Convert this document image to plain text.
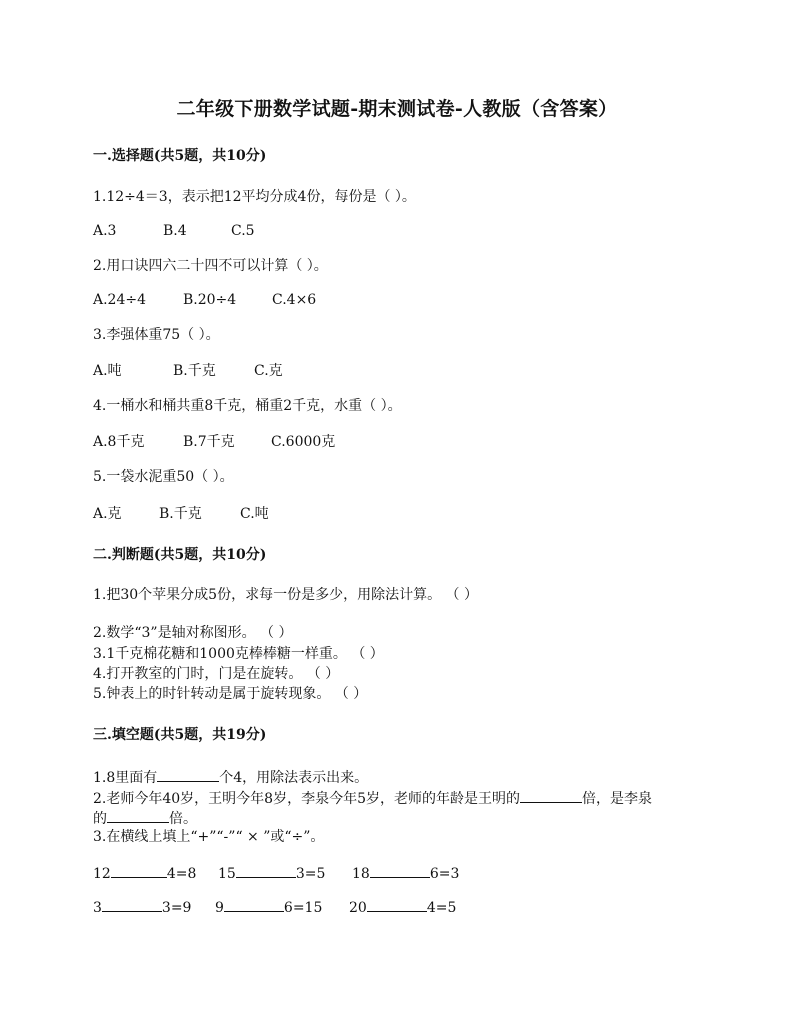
二年级下册数学试题-期末测试卷-人教版（含答案）
一.选择题(共5题，共10分)
1.12÷4＝3，表示把12平均分成4份，每份是（ ）。
A.3	B.4	C.5
2.用口诀四六二十四不可以计算（ ）。
A.24÷4	B.20÷4	C.4×6
3.李强体重75（ ）。
A.吨	B.千克	C.克
4.一桶水和桶共重8千克，桶重2千克，水重（ ）。
A.8千克	B.7千克	C.6000克
5.一袋水泥重50（ ）。
A.克	B.千克	C.吨
二.判断题(共5题，共10分)
1.把30个苹果分成5份，求每一份是多少，用除法计算。 （ ）
2.数学“3”是轴对称图形。 （ ）
3.1千克棉花糖和1000克棒棒糖一样重。 （ ）
4.打开教室的门时，门是在旋转。 （ ）
5.钟表上的时针转动是属于旋转现象。 （ ）
三.填空题(共5题，共19分)
1.8里面有	个4，用除法表示出来。
2.老师今年40岁，王明今年8岁，李泉今年5岁，老师的年龄是王明的	倍，是李泉
的	倍。
3.在横线上填上“+”“-”“ × ”或“÷”。
12	4=8 15	3=5 18	6=3
3	3=9 9	6=15 20	4=5
